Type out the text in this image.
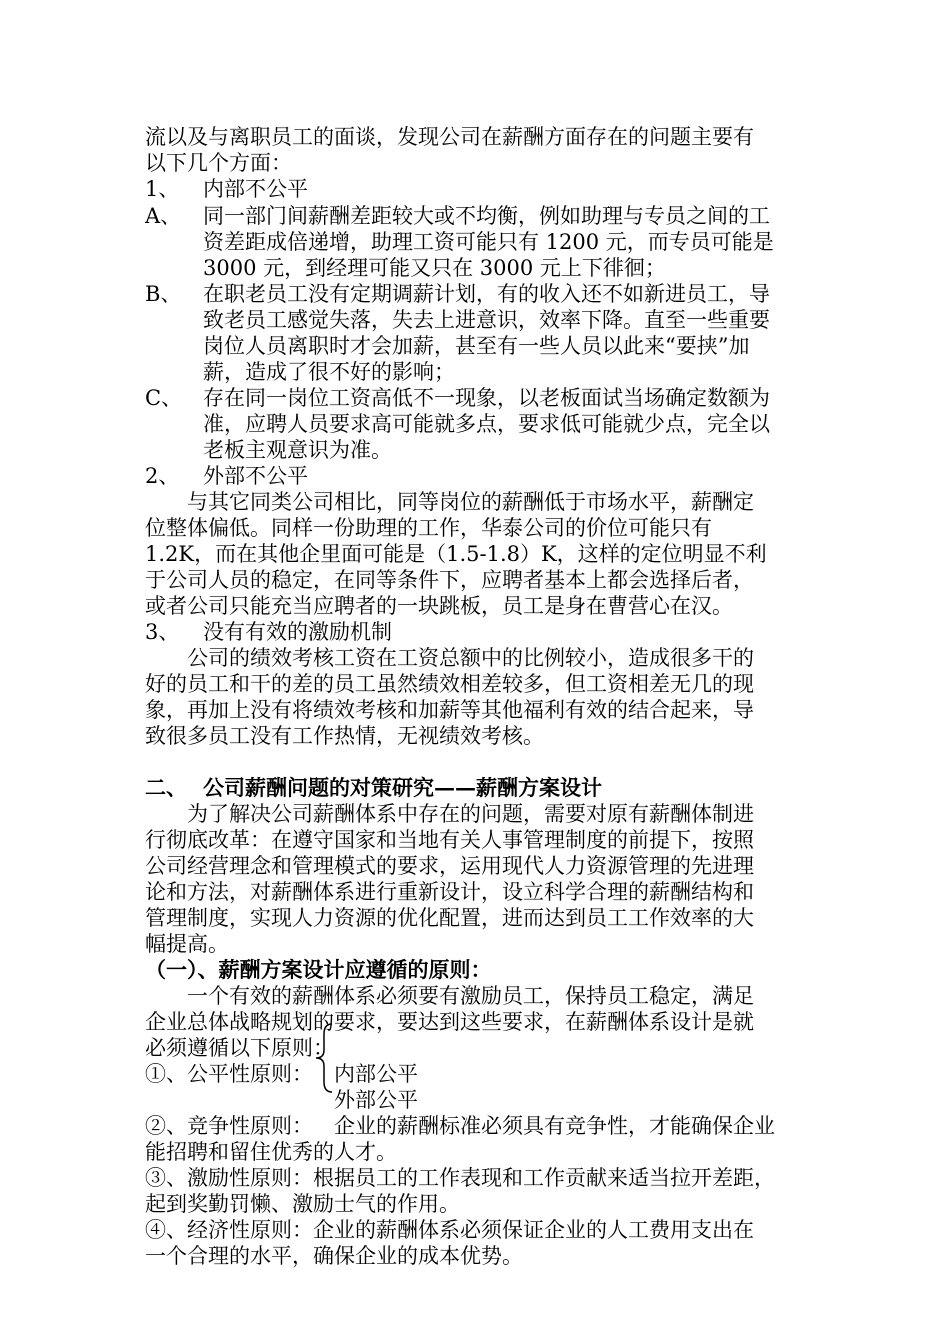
流以及与离职员工的面谈，发现公司在薪酬方面存在的问题主要有
以下几个方面：
1、 内部不公平
A、 同一部门间薪酬差距较大或不均衡，例如助理与专员之间的工
资差距成倍递增，助理工资可能只有 1200 元，而专员可能是
3000 元，到经理可能又只在 3000 元上下徘徊；
B、 在职老员工没有定期调薪计划，有的收入还不如新进员工，导
致老员工感觉失落，失去上进意识，效率下降。直至一些重要
岗位人员离职时才会加薪，甚至有一些人员以此来“要挟”加
薪，造成了很不好的影响；
C、 存在同一岗位工资高低不一现象，以老板面试当场确定数额为
准，应聘人员要求高可能就多点，要求低可能就少点，完全以
老板主观意识为准。
2、 外部不公平
与其它同类公司相比，同等岗位的薪酬低于市场水平，薪酬定
位整体偏低。同样一份助理的工作，华泰公司的价位可能只有
1.2K，而在其他企里面可能是（1.5-1.8）K，这样的定位明显不利
于公司人员的稳定，在同等条件下，应聘者基本上都会选择后者，
或者公司只能充当应聘者的一块跳板，员工是身在曹营心在汉。
3、 没有有效的激励机制
公司的绩效考核工资在工资总额中的比例较小，造成很多干的
好的员工和干的差的员工虽然绩效相差较多，但工资相差无几的现
象，再加上没有将绩效考核和加薪等其他福利有效的结合起来，导
致很多员工没有工作热情，无视绩效考核。
二、 公司薪酬问题的对策研究——薪酬方案设计
为了解决公司薪酬体系中存在的问题，需要对原有薪酬体制进
行彻底改革：在遵守国家和当地有关人事管理制度的前提下，按照
公司经营理念和管理模式的要求，运用现代人力资源管理的先进理
论和方法，对薪酬体系进行重新设计，设立科学合理的薪酬结构和
管理制度，实现人力资源的优化配置，进而达到员工工作效率的大
幅提高。
（一）、薪酬方案设计应遵循的原则：
一个有效的薪酬体系必须要有激励员工，保持员工稳定，满足
企业总体战略规划的要求，要达到这些要求，在薪酬体系设计是就
必须遵循以下原则：
①、公平性原则： 内部公平
外部公平
②、竞争性原则： 企业的薪酬标准必须具有竞争性，才能确保企业
能招聘和留住优秀的人才。
③、激励性原则：根据员工的工作表现和工作贡献来适当拉开差距，
起到奖勤罚懒、激励士气的作用。
④、经济性原则：企业的薪酬体系必须保证企业的人工费用支出在
一个合理的水平，确保企业的成本优势。
